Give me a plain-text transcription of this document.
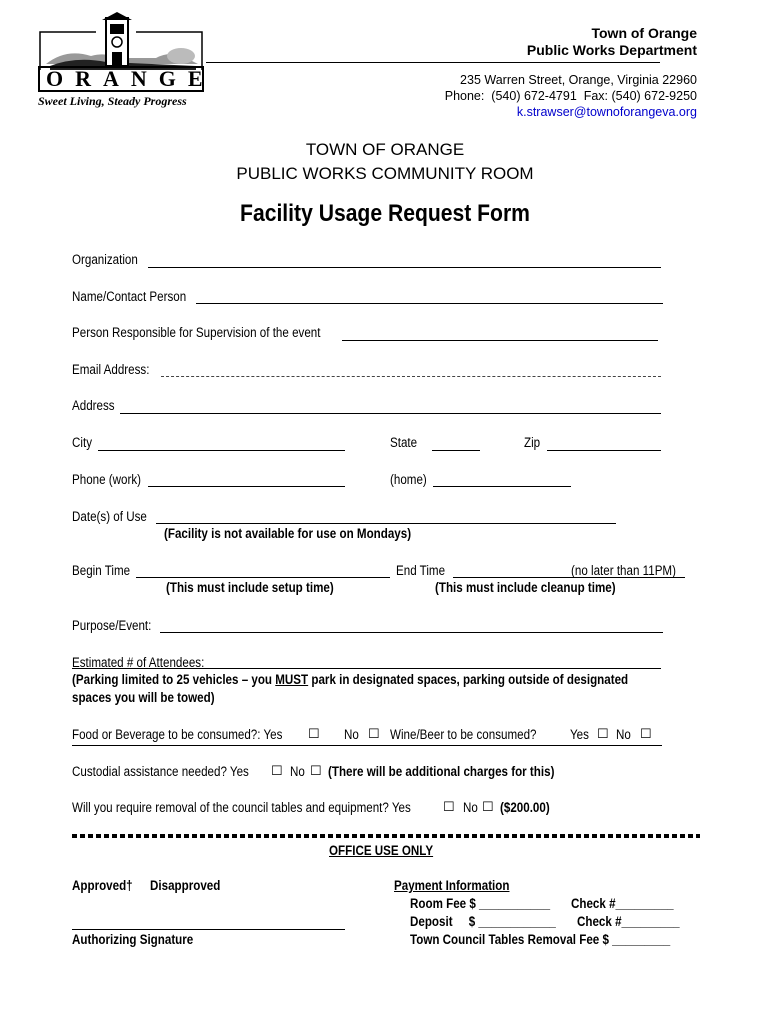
ORANGE
Sweet Living, Steady Progress
Town of Orange
Public Works Department
235 Warren Street, Orange, Virginia 22960
Phone:  (540) 672-4791  Fax: (540) 672-9250
k.strawser@townoforangeva.org
TOWN OF ORANGE
PUBLIC WORKS COMMUNITY ROOM
Facility Usage Request Form
Organization
Name/Contact Person
Person Responsible for Supervision of the event
Email Address:
Address
City	State	Zip
Phone (work)	(home)
Date(s) of Use
(Facility is not available for use on Mondays)
Begin Time
(This must include setup time)
End Time	(no later than 11PM)
(This must include cleanup time)
Purpose/Event:
Estimated # of Attendees:
(Parking limited to 25 vehicles – you MUST park in designated spaces, parking outside of designated
spaces you will be towed)
Food or Beverage to be consumed?: Yes ☐ No ☐ Wine/Beer to be consumed? Yes ☐ No ☐
Custodial assistance needed? Yes ☐ No ☐ (There will be additional charges for this)
Will you require removal of the council tables and equipment? Yes ☐ No ☐ ($200.00)
OFFICE USE ONLY
Approved† Disapproved
Authorizing Signature
Payment Information
Room Fee $ ___________ Check #_________
Deposit     $ ____________ Check #_________
Town Council Tables Removal Fee $ _________
